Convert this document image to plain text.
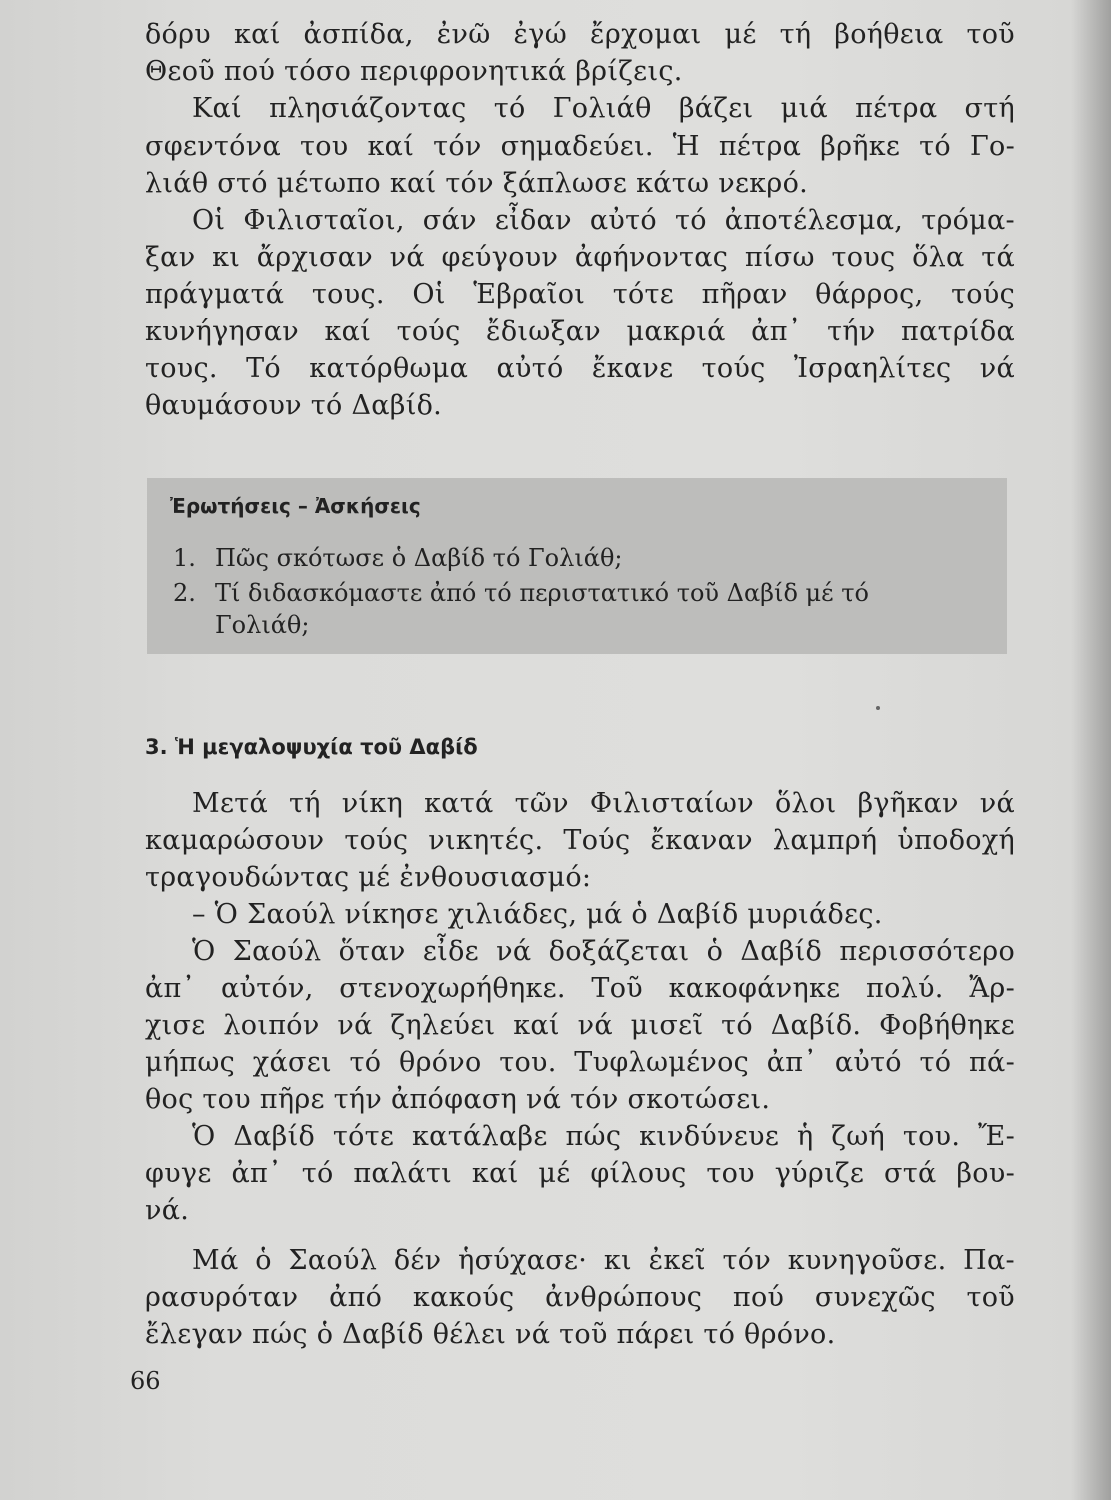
δόρυ καί ἀσπίδα, ἐνῶ ἐγώ ἔρχομαι μέ τή βοήθεια τοῦ

Θεοῦ πού τόσο περιφρονητικά βρίζεις.

Καί πλησιάζοντας τό Γολιάθ βάζει μιά πέτρα στή

σφεντόνα του καί τόν σημαδεύει. Ἡ πέτρα βρῆκε τό Γο-

λιάθ στό μέτωπο καί τόν ξάπλωσε κάτω νεκρό.

Οἱ Φιλισταῖοι, σάν εἶδαν αὐτό τό ἀποτέλεσμα, τρόμα-

ξαν κι ἄρχισαν νά φεύγουν ἀφήνοντας πίσω τους ὅλα τά

πράγματά τους. Οἱ Ἑβραῖοι τότε πῆραν θάρρος, τούς

κυνήγησαν καί τούς ἔδιωξαν μακριά ἀπ᾽ τήν πατρίδα

τους. Τό κατόρθωμα αὐτό ἔκανε τούς Ἰσραηλίτες νά

θαυμάσουν τό Δαβίδ.

Ἐρωτήσεις – Ἀσκήσεις

1. Πῶς σκότωσε ὁ Δαβίδ τό Γολιάθ;

2. Τί διδασκόμαστε ἀπό τό περιστατικό τοῦ Δαβίδ μέ τό

Γολιάθ;

3. Ἡ μεγαλοψυχία τοῦ Δαβίδ

Μετά τή νίκη κατά τῶν Φιλισταίων ὅλοι βγῆκαν νά

καμαρώσουν τούς νικητές. Τούς ἔκαναν λαμπρή ὑποδοχή

τραγουδώντας μέ ἐνθουσιασμό:

– Ὁ Σαούλ νίκησε χιλιάδες, μά ὁ Δαβίδ μυριάδες.

Ὁ Σαούλ ὅταν εἶδε νά δοξάζεται ὁ Δαβίδ περισσότερο

ἀπ᾽ αὐτόν, στενοχωρήθηκε. Τοῦ κακοφάνηκε πολύ. Ἄρ-

χισε λοιπόν νά ζηλεύει καί νά μισεῖ τό Δαβίδ. Φοβήθηκε

μήπως χάσει τό θρόνο του. Τυφλωμένος ἀπ᾽ αὐτό τό πά-

θος του πῆρε τήν ἀπόφαση νά τόν σκοτώσει.

Ὁ Δαβίδ τότε κατάλαβε πώς κινδύνευε ἡ ζωή του. Ἔ-

φυγε ἀπ᾽ τό παλάτι καί μέ φίλους του γύριζε στά βου-

νά.

Μά ὁ Σαούλ δέν ἡσύχασε· κι ἐκεῖ τόν κυνηγοῦσε. Πα-

ρασυρόταν ἀπό κακούς ἀνθρώπους πού συνεχῶς τοῦ

ἔλεγαν πώς ὁ Δαβίδ θέλει νά τοῦ πάρει τό θρόνο.

66
